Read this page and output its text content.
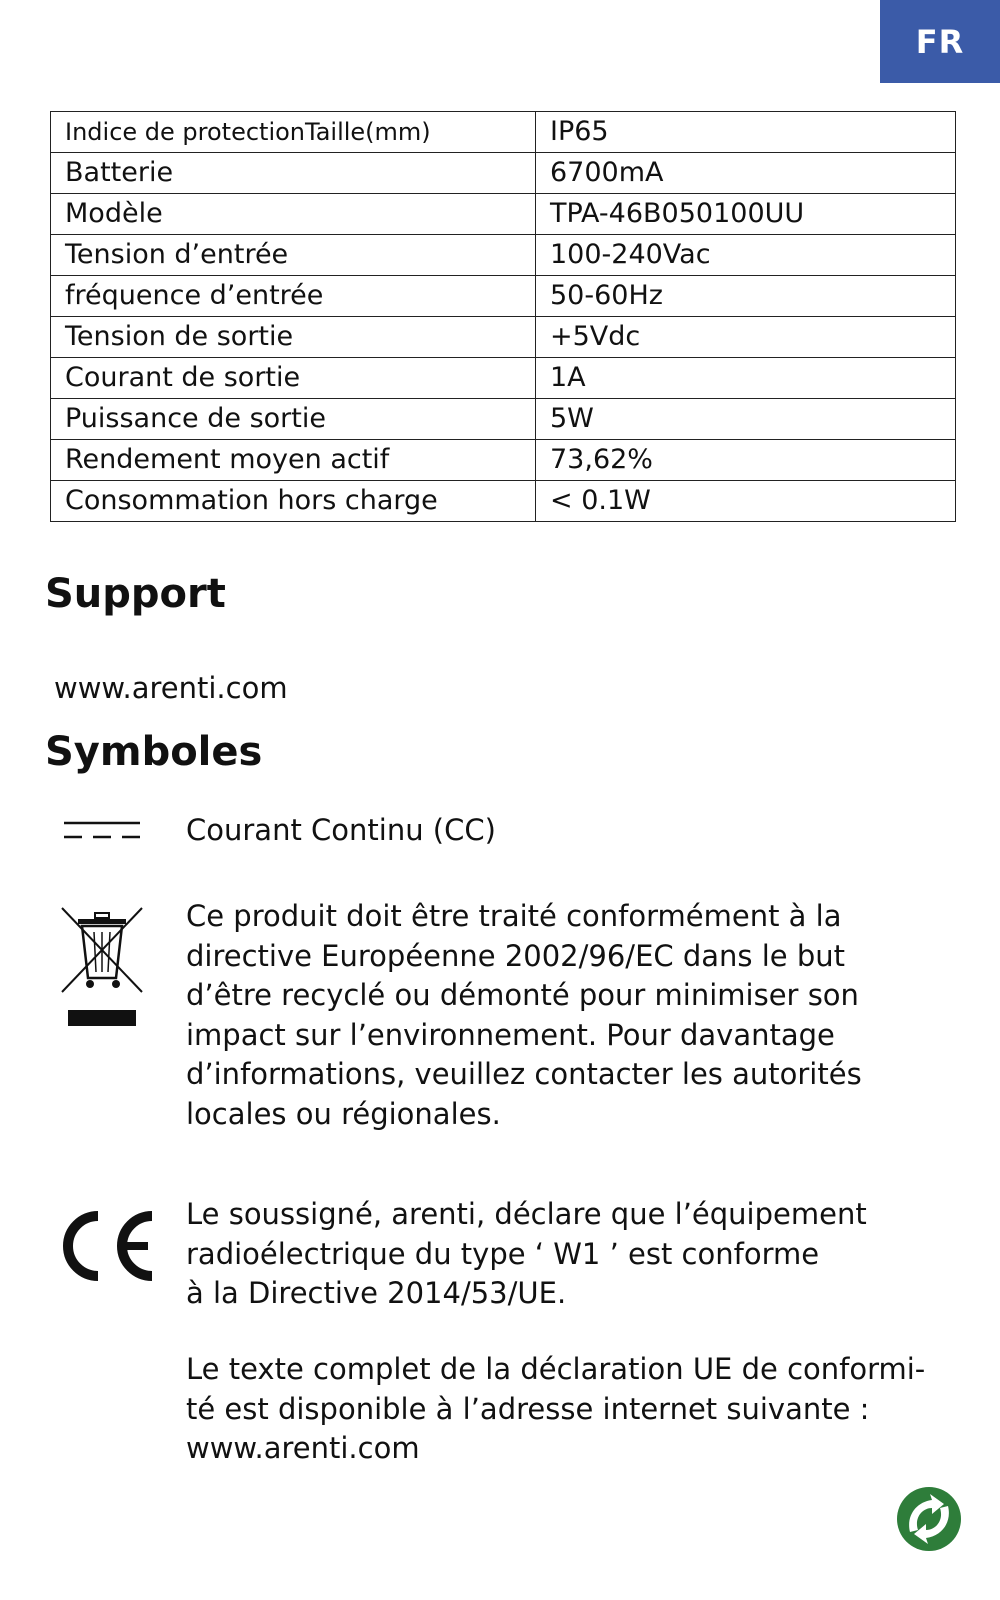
FR
Indice de protectionTaille(mm)	IP65
Batterie	6700mA
Modèle	TPA-46B050100UU
Tension d’entrée	100-240Vac
fréquence d’entrée	50-60Hz
Tension de sortie	+5Vdc
Courant de sortie	1A
Puissance de sortie	5W
Rendement moyen actif	73,62%
Consommation hors charge	< 0.1W
Support
www.arenti.com
Symboles

Courant Continu (CC)

Ce produit doit être traité conformément à la
directive Européenne 2002/96/EC dans le but
d’être recyclé ou démonté pour minimiser son
impact sur l’environnement. Pour davantage
d’informations, veuillez contacter les autorités
locales ou régionales.

Le soussigné, arenti, déclare que l’équipement
radioélectrique du type ‘ W1 ’ est conforme
à la Directive 2014/53/UE.

Le texte complet de la déclaration UE de conformi-
té est disponible à l’adresse internet suivante :
www.arenti.com
